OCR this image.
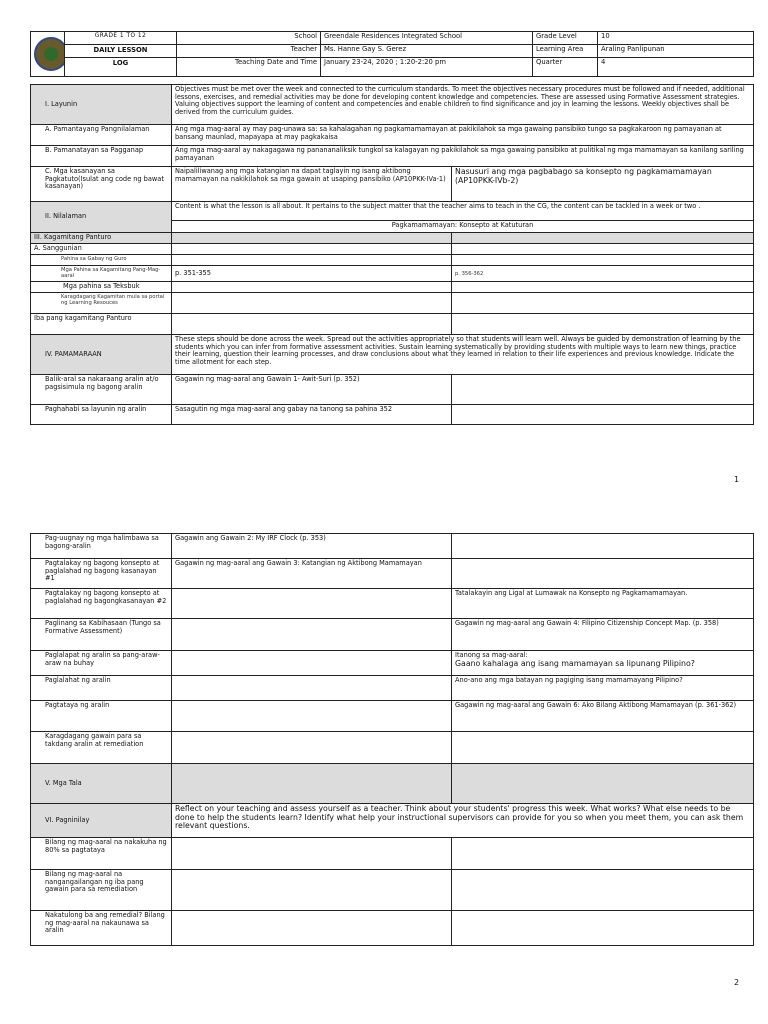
	GRADE 1 TO 12	School	Greendale Residences Integrated School	Grade Level	10
	DAILY LESSON	Teacher	Ms. Hanne Gay S. Gerez	Learning Area	Araling Panlipunan
	LOG	Teaching Date and Time	January 23-24, 2020 ; 1:20-2:20 pm	Quarter	4
I. Layunin	Objectives must be met over the week and connected to the curriculum standards. To meet the objectives necessary procedures must be followed and if needed, additional lessons, exercises, and remedial activities may be done for developing content knowledge and competencies. These are assessed using Formative Assessment strategies. Valuing objectives support the learning of content and competencies and enable children to find significance and joy in learning the lessons. Weekly objectives shall be derived from the curriculum guides.	
A. Pamantayang Pangnilalaman	Ang mga mag-aaral ay may pag-unawa sa: sa kahalagahan ng pagkamamamayan at pakikilahok sa mga gawaing pansibiko tungo sa pagkakaroon ng pamayanan at bansang maunlad, mapayapa at may pagkakaisa	
B. Pamanatayan sa Pagganap	Ang mga mag-aaral ay nakagagawa ng panananaliksik tungkol sa kalagayan ng pakikilahok sa mga gawaing pansibiko at pulitikal ng mga mamamayan sa kanilang sariling pamayanan	
C. Mga kasanayan sa Pagkatuto(Isulat ang code ng bawat kasanayan)	Naipaliliwanag ang mga katangian na dapat taglayin ng isang aktibong mamamayan na nakikilahok sa mga gawain at usaping pansibiko (AP10PKK-IVa-1)	Nasusuri ang mga pagbabago sa konsepto ng pagkamamamayan (AP10PKK-IVb-2)
II. Nilalaman	Content is what the lesson is all about. It pertains to the subject matter that the teacher aims to teach in the CG, the content can be tackled in a week or two .	
	Pagkamamamayan: Konsepto at Katuturan	
III. Kagamitang Panturo		
A. Sanggunian		
Pahina sa Gabay ng Guro		
Mga Pahina sa Kagamitang Pang-Mag-aaral	p. 351-355	p. 356-362
Mga pahina sa Teksbuk		
Karagdagang Kagamitan mula sa portal ng Learning Resouces		
Iba pang kagamitang Panturo		
IV. PAMAMARAAN	These steps should be done across the week. Spread out the activities appropriately so that students will learn well. Always be guided by demonstration of learning by the students which you can infer from formative assessment activities. Sustain learning systematically by providing students with multiple ways to learn new things, practice their learning, question their learning processes, and draw conclusions about what they learned in relation to their life experiences and previous knowledge. Indicate the time allotment for each step.	
Balik-aral sa nakaraang aralin at/o pagsisimula ng bagong aralin	Gagawin ng mag-aaral ang Gawain 1- Awit-Suri (p. 352)	
Paghahabi sa layunin ng aralin	Sasagutin ng mga mag-aaral ang gabay na tanong sa pahina 352	
1
Pag-uugnay ng mga halimbawa sa bagong-aralin	Gagawin ang Gawain 2: My IRF Clock (p. 353)	
Pagtalakay ng bagong konsepto at paglalahad ng bagong kasanayan #1	Gagawin ng mag-aaral ang Gawain 3: Katangian ng Aktibong Mamamayan	
Pagtalakay ng bagong konsepto at paglalahad ng bagongkasanayan #2		Tatalakayin ang Ligal at Lumawak na Konsepto ng Pagkamamamayan.
Paglinang sa Kabihasaan (Tungo sa Formative Assessment)		Gagawin ng mag-aaral ang Gawain 4: Filipino Citizenship Concept Map. (p. 358)
Paglalapat ng aralin sa pang-araw-araw na buhay		Itanong sa mag-aaral:
Gaano kahalaga ang isang mamamayan sa lipunang Pilipino?

Paglalahat ng aralin		Ano-ano ang mga batayan ng pagiging isang mamamayang Pilipino?
Pagtataya ng aralin		Gagawin ng mag-aaral ang Gawain 6: Ako Bilang Aktibong Mamamayan (p. 361-362)
Karagdagang gawain para sa takdang aralin at remediation		
V. Mga Tala		
VI. Pagninilay	Reflect on your teaching and assess yourself as a teacher. Think about your students' progress this week. What works? What else needs to be done to help the students learn? Identify what help your instructional supervisors can provide for you so when you meet them, you can ask them relevant questions.	
Bilang ng mag-aaral na nakakuha ng 80% sa pagtataya		
Bilang ng mag-aaral na nangangailangan ng iba pang gawain para sa remediation		
Nakatulong ba ang remedial? Bilang ng mag-aaral na nakaunawa sa aralin		
2
